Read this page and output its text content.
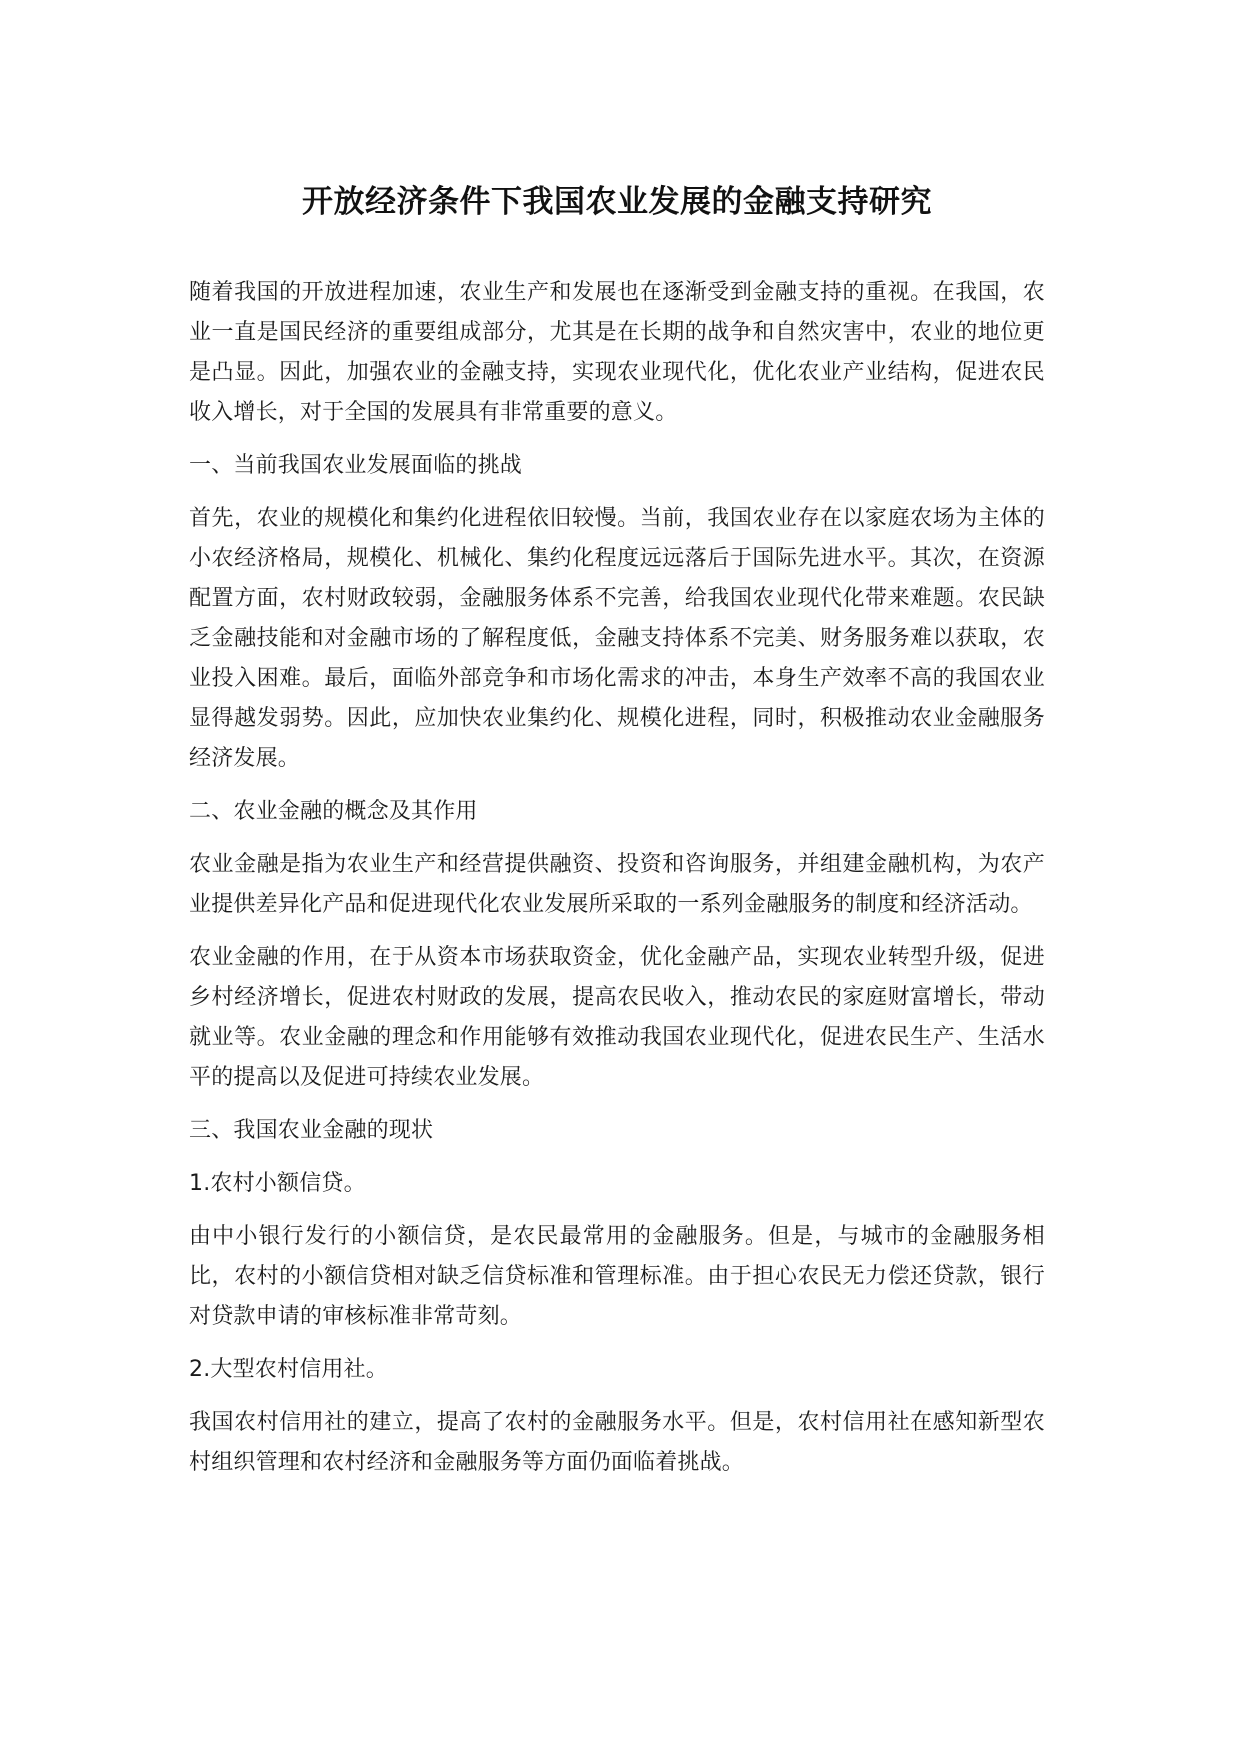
开放经济条件下我国农业发展的金融支持研究

随着我国的开放进程加速，农业生产和发展也在逐渐受到金融支持的重视。在我国，农业一直是国民经济的重要组成部分，尤其是在长期的战争和自然灾害中，农业的地位更是凸显。因此，加强农业的金融支持，实现农业现代化，优化农业产业结构，促进农民收入增长，对于全国的发展具有非常重要的意义。

一、当前我国农业发展面临的挑战

首先，农业的规模化和集约化进程依旧较慢。当前，我国农业存在以家庭农场为主体的小农经济格局，规模化、机械化、集约化程度远远落后于国际先进水平。其次，在资源配置方面，农村财政较弱，金融服务体系不完善，给我国农业现代化带来难题。农民缺乏金融技能和对金融市场的了解程度低，金融支持体系不完美、财务服务难以获取，农业投入困难。最后，面临外部竞争和市场化需求的冲击，本身生产效率不高的我国农业显得越发弱势。因此，应加快农业集约化、规模化进程，同时，积极推动农业金融服务经济发展。

二、农业金融的概念及其作用

农业金融是指为农业生产和经营提供融资、投资和咨询服务，并组建金融机构，为农产业提供差异化产品和促进现代化农业发展所采取的一系列金融服务的制度和经济活动。

农业金融的作用，在于从资本市场获取资金，优化金融产品，实现农业转型升级，促进乡村经济增长，促进农村财政的发展，提高农民收入，推动农民的家庭财富增长，带动就业等。农业金融的理念和作用能够有效推动我国农业现代化，促进农民生产、生活水平的提高以及促进可持续农业发展。

三、我国农业金融的现状

1.农村小额信贷。

由中小银行发行的小额信贷，是农民最常用的金融服务。但是，与城市的金融服务相比，农村的小额信贷相对缺乏信贷标准和管理标准。由于担心农民无力偿还贷款，银行对贷款申请的审核标准非常苛刻。

2.大型农村信用社。

我国农村信用社的建立，提高了农村的金融服务水平。但是，农村信用社在感知新型农村组织管理和农村经济和金融服务等方面仍面临着挑战。
